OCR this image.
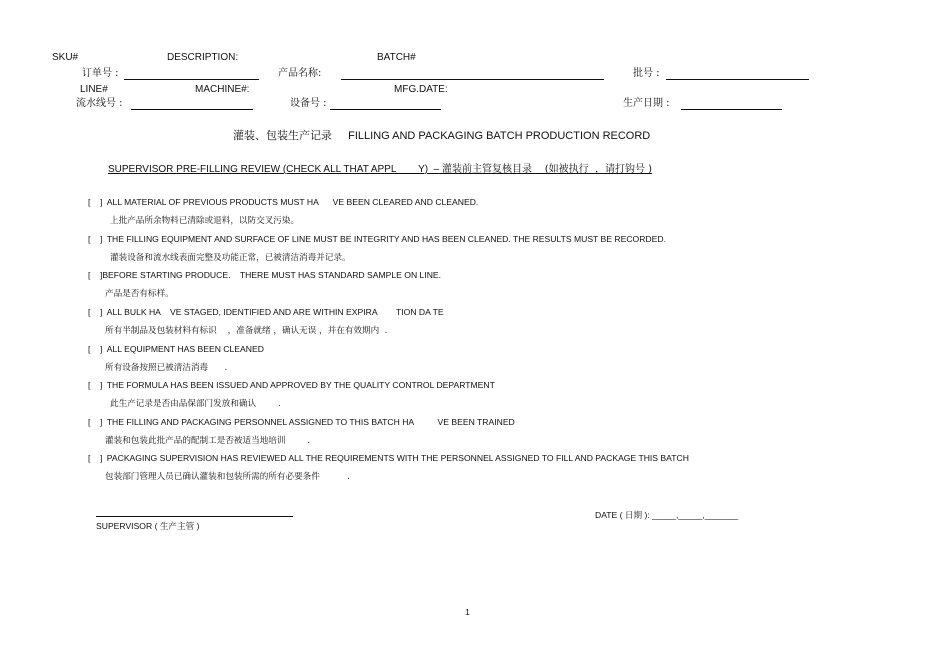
SKU#	DESCRIPTION:	BATCH#
订单号 :	产品名称:	批号 :
LINE#	MACHINE#:	MFG.DATE:
流水线号 :	设备号 :	生产日期 :
灌装、包装生产记录 FILLING AND PACKAGING BATCH PRODUCTION RECORD
SUPERVISOR PRE-FILLING REVIEW (CHECK ALL THAT APPL        Y)  – 灌装前主管复核目录    (如被执行  ，请打钩号 )
[    ] ALL MATERIAL OF PREVIOUS PRODUCTS MUST HA      VE BEEN CLEARED AND CLEANED.
上批产品所余物料已清除或退料，以防交叉污染。
[    ] THE FILLING EQUIPMENT AND SURFACE OF LINE MUST BE INTEGRITY AND HAS BEEN CLEANED. THE RESULTS MUST BE RECORDED.
灌装设备和流水线表面完整及功能正常，已被清洁消毒并记录。
[    ]BEFORE STARTING PRODUCE.    THERE MUST HAS STANDARD SAMPLE ON LINE.
产品是否有标样。
[    ] ALL BULK HA    VE STAGED, IDENTIFIED AND ARE WITHIN EXPIRA        TION DA TE
所有半制品及包装材料有标识    ，准备就绪 ，确认无误 ，并在有效期内  .
[    ] ALL EQUIPMENT HAS BEEN CLEANED
所有设备按照已被清洁消毒      .
[    ] THE FORMULA HAS BEEN ISSUED AND APPROVED BY THE QUALITY CONTROL DEPARTMENT
此生产记录是否由品保部门发放和确认        .
[    ] THE FILLING AND PACKAGING PERSONNEL ASSIGNED TO THIS BATCH HA          VE BEEN TRAINED
灌装和包装此批产品的配制工是否被适当地培训        .
[    ] PACKAGING SUPERVISION HAS REVIEWED ALL THE REQUIREMENTS WITH THE PERSONNEL ASSIGNED TO FILL AND PACKAGE THIS BATCH
包装部门管理人员已确认灌装和包装所需的所有必要条件          .
SUPERVISOR ( 生产主管 )
DATE ( 日期 ): _____,_____,_______
1
